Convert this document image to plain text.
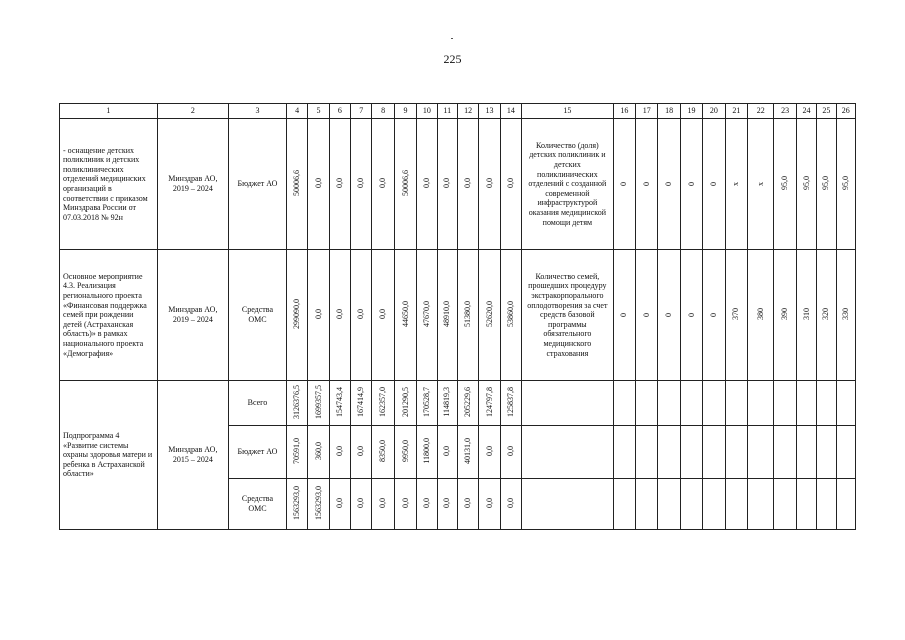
225
1	2	3	4	5	6	7	8	9	10	11	12	13	14	15	16	17	18	19	20	21	22	23	24	25	26
- оснащение детских поликлиник и детских поликлинических отделений медицинских организаций в соответствии с приказом Минздрава России от 07.03.2018 № 92н	Минздрав АО, 2019 – 2024	Бюджет АО	50006,6	0,0	0,0	0,0	0,0	50006,6	0,0	0,0	0,0	0,0	0,0	Количество (доля) детских поликлиник и детских поликлинических отделений с созданной современной инфраструктурой оказания медицинской помощи детям	0	0	0	0	0	x	x	95,0	95,0	95,0	95,0
Основное мероприятие 4.3. Реализация регионального проекта «Финансовая поддержка семей при рождении детей (Астраханская область)» в рамках национального проекта «Демография»	Минздрав АО, 2019 – 2024	Средства ОМС	299090,0	0,0	0,0	0,0	0,0	44650,0	47670,0	48910,0	51380,0	52620,0	53860,0	Количество семей, прошедших процедуру экстракорпорального оплодотворения за счет средств базовой программы обязательного медицинского страхования	0	0	0	0	0	370	380	390	310	320	330
Подпрограмма 4 «Развитие системы охраны здоровья матери и ребенка в Астраханской области»	Минздрав АО, 2015 – 2024	Всего	3126376,5	1699357,5	154743,4	167414,9	162357,0	201290,5	170528,7	114819,3	205229,6	124797,8	125837,8												
		Бюджет АО	70591,0	360,0	0,0	0,0	8350,0	9950,0	11800,0	0,0	40131,0	0,0	0,0												
		Средства ОМС	1563293,0	1563293,0	0,0	0,0	0,0	0,0	0,0	0,0	0,0	0,0	0,0												
